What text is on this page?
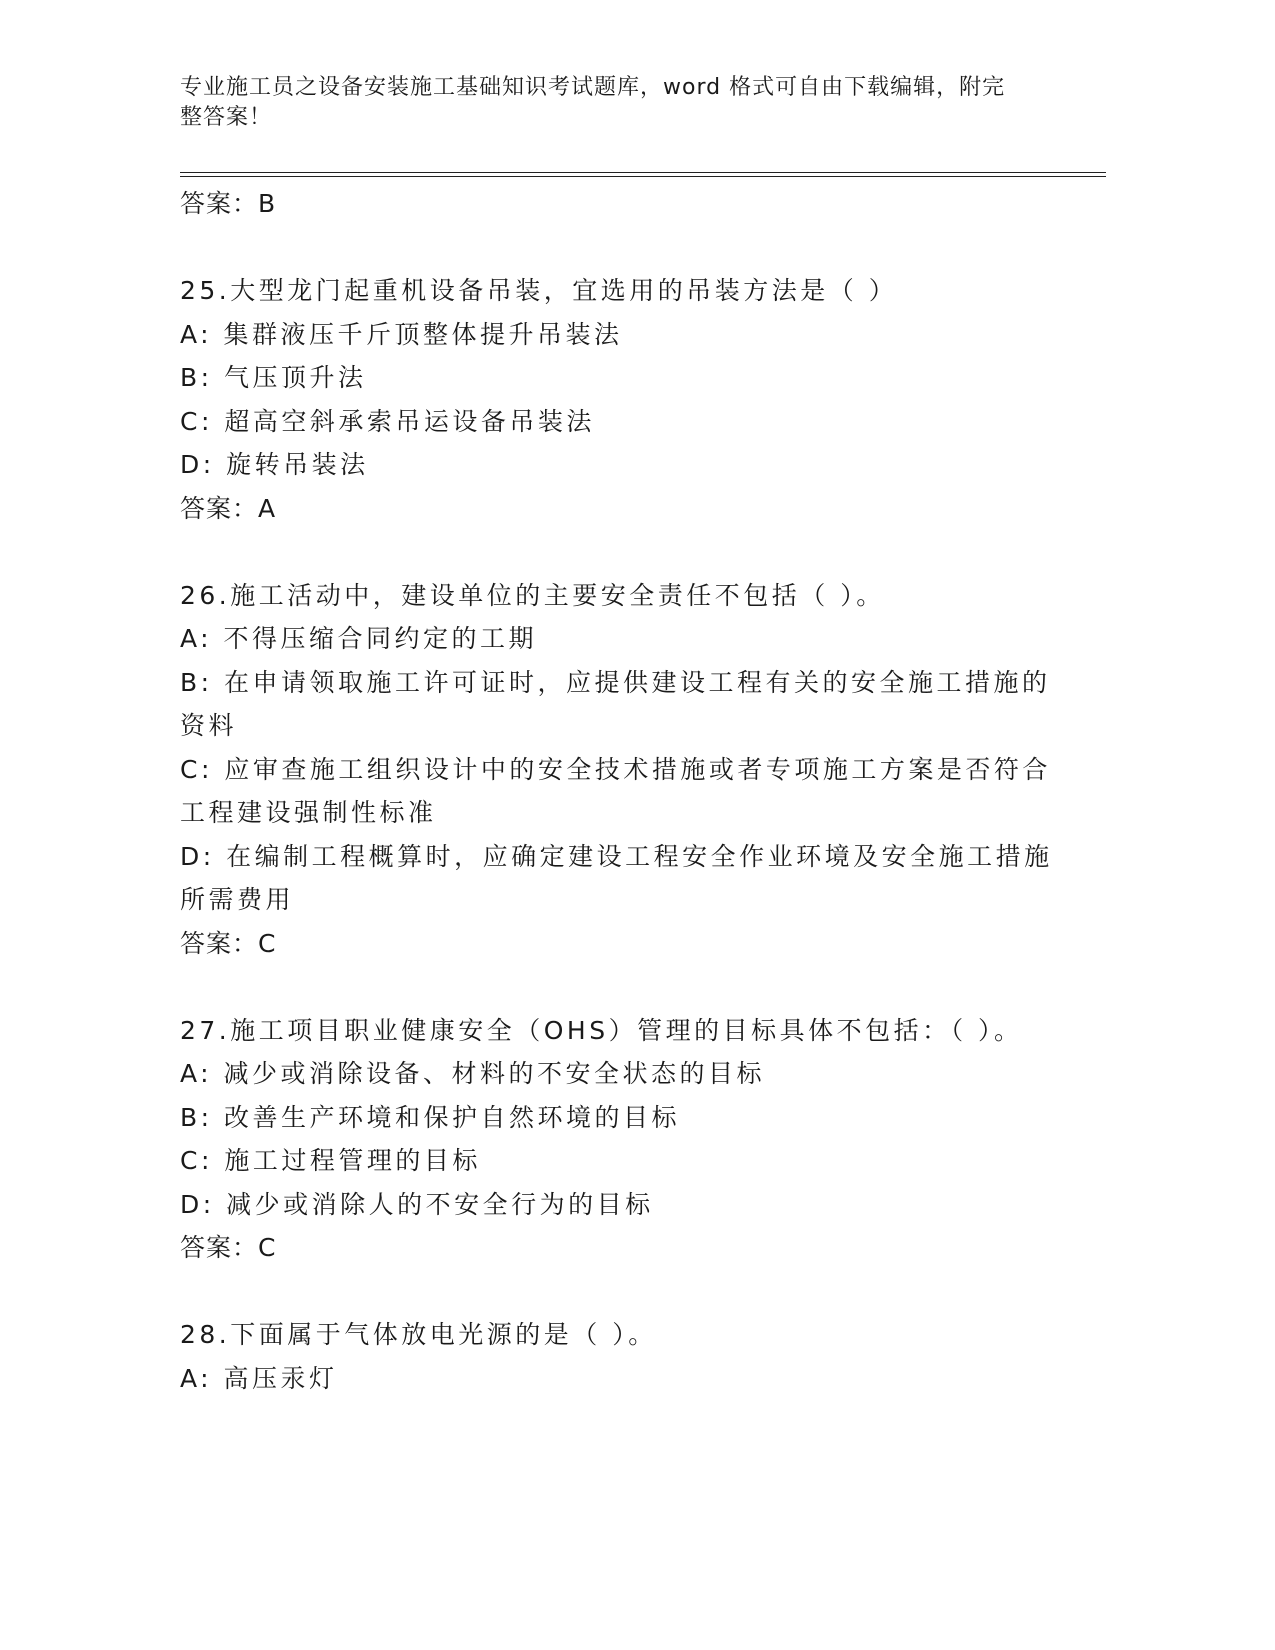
专业施工员之设备安装施工基础知识考试题库，word 格式可自由下载编辑，附完
整答案！
答案：B
25.大型龙门起重机设备吊装，宜选用的吊装方法是（ ）
A: 集群液压千斤顶整体提升吊装法
B: 气压顶升法
C: 超高空斜承索吊运设备吊装法
D: 旋转吊装法
答案：A
26.施工活动中，建设单位的主要安全责任不包括（ ）。
A: 不得压缩合同约定的工期
B: 在申请领取施工许可证时，应提供建设工程有关的安全施工措施的
资料
C: 应审查施工组织设计中的安全技术措施或者专项施工方案是否符合
工程建设强制性标准
D: 在编制工程概算时，应确定建设工程安全作业环境及安全施工措施
所需费用
答案：C
27.施工项目职业健康安全（OHS）管理的目标具体不包括：（ ）。
A: 减少或消除设备、材料的不安全状态的目标
B: 改善生产环境和保护自然环境的目标
C: 施工过程管理的目标
D: 减少或消除人的不安全行为的目标
答案：C
28.下面属于气体放电光源的是（ ）。
A: 高压汞灯
